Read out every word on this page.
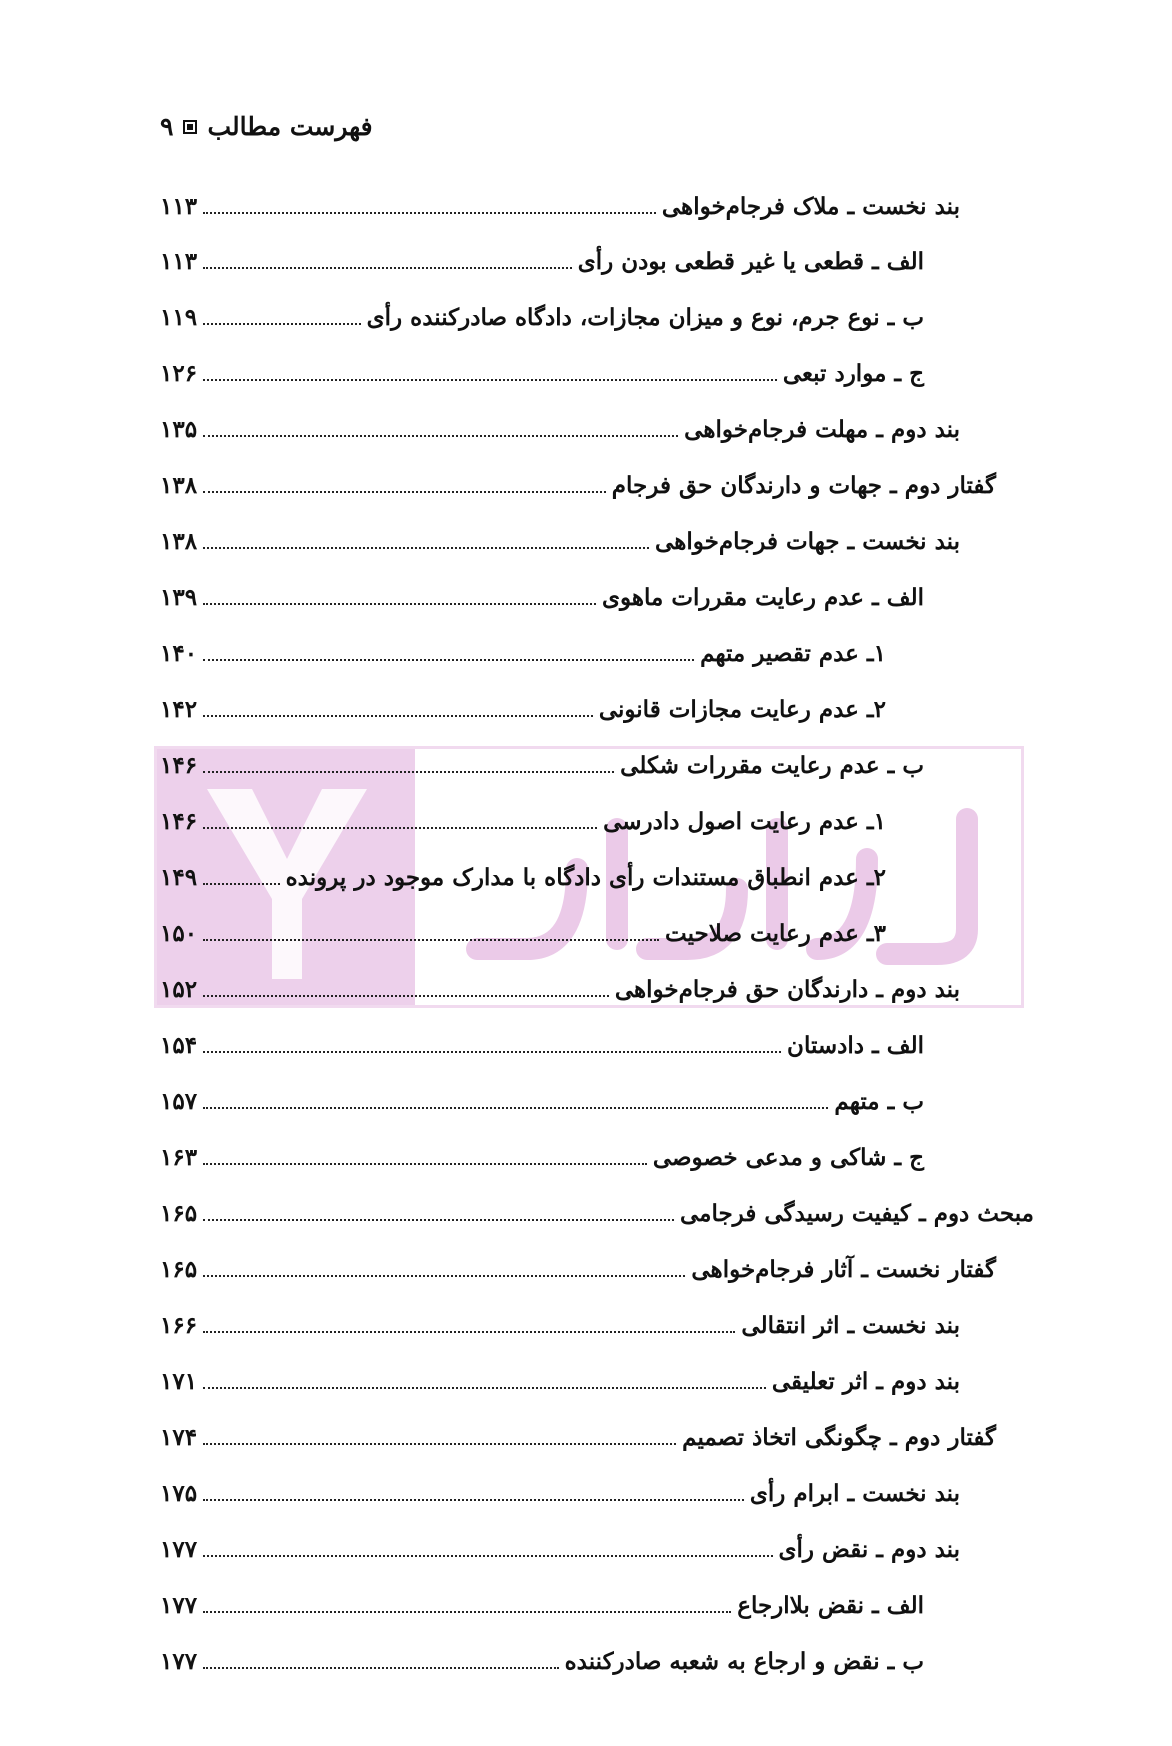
۹ فهرست مطالب
۱۱۳	بند نخست ـ ملاک فرجام‌خواهی
۱۱۳	الف ـ قطعی یا غیر قطعی بودن رأی
۱۱۹	ب ـ نوع جرم، نوع و میزان مجازات، دادگاه صادرکننده رأی
۱۲۶	ج ـ موارد تبعی
۱۳۵	بند دوم ـ مهلت فرجام‌خواهی
۱۳۸	گفتار دوم ـ جهات و دارندگان حق فرجام
۱۳۸	بند نخست ـ جهات فرجام‌خواهی
۱۳۹	الف ـ عدم رعایت مقررات ماهوی
۱۴۰	۱ـ عدم تقصیر متهم
۱۴۲	۲ـ عدم رعایت مجازات قانونی
۱۴۶	ب ـ عدم رعایت مقررات شکلی
۱۴۶	۱ـ عدم رعایت اصول دادرسی
۱۴۹	۲ـ عدم انطباق مستندات رأی دادگاه با مدارک موجود در پرونده
۱۵۰	۳ـ عدم رعایت صلاحیت
۱۵۲	بند دوم ـ دارندگان حق فرجام‌خواهی
۱۵۴	الف ـ دادستان
۱۵۷	ب ـ متهم
۱۶۳	ج ـ شاکی و مدعی خصوصی
۱۶۵	مبحث دوم ـ کیفیت رسیدگی فرجامی
۱۶۵	گفتار نخست ـ آثار فرجام‌خواهی
۱۶۶	بند نخست ـ اثر انتقالی
۱۷۱	بند دوم ـ اثر تعلیقی
۱۷۴	گفتار دوم ـ چگونگی اتخاذ تصمیم
۱۷۵	بند نخست ـ ابرام رأی
۱۷۷	بند دوم ـ نقض رأی
۱۷۷	الف ـ نقض بلاارجاع
۱۷۷	ب ـ نقض و ارجاع به شعبه صادرکننده
